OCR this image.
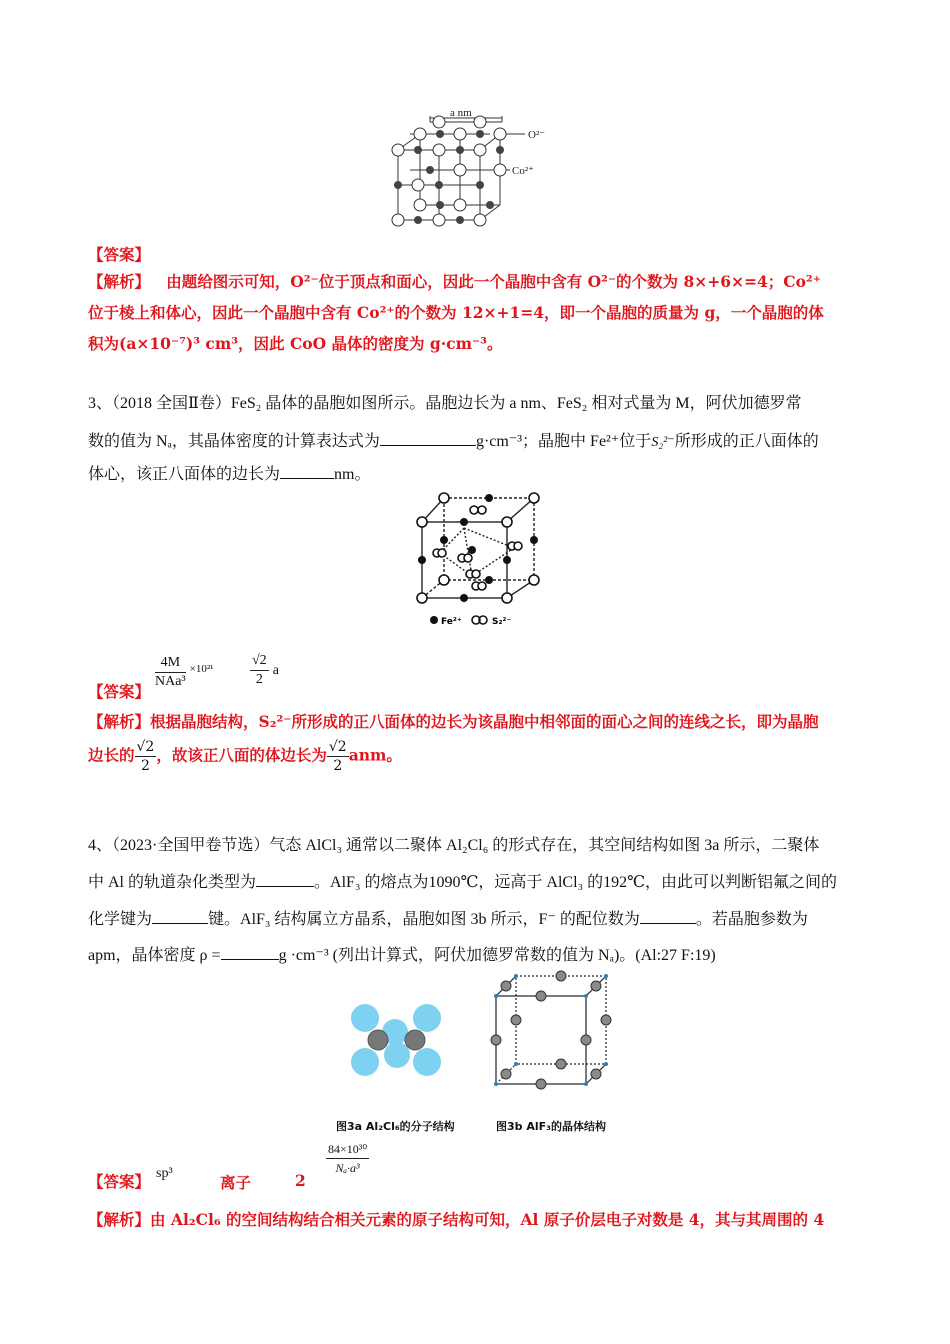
a nm
O²⁻
Co²⁺
【答案】
【解析】 由题给图示可知，O²⁻位于顶点和面心，因此一个晶胞中含有 O²⁻的个数为 8×+6×=4；Co²⁺
位于棱上和体心，因此一个晶胞中含有 Co²⁺的个数为 12×+1=4，即一个晶胞的质量为 g，一个晶胞的体
积为(a×10⁻⁷)³ cm³，因此 CoO 晶体的密度为 g·cm⁻³。
3、（2018 全国Ⅱ卷）FeS₂ 晶体的晶胞如图所示。晶胞边长为 a nm、FeS₂ 相对式量为 M，阿伏加德罗常
数的值为 Nₐ，其晶体密度的计算表达式为	g·cm⁻³；晶胞中 Fe²⁺位于S₂²⁻所形成的正八面体的
体心，该正八面体的边长为	nm。
Fe²⁺	S₂²⁻
【答案】
$\frac{4M}{\text{NAa³}} ^{\times 10^{21}}$	$\frac{√2}{2}$ a
【解析】根据晶胞结构，S₂²⁻所形成的正八面体的边长为该晶胞中相邻面的面心之间的连线之长，即为晶胞
边长的 $\frac{√2}{2}$ ，故该正八面的体边长为 $\frac{√2}{2}$ anm。
4、（2023·全国甲卷节选）气态 AlCl₃ 通常以二聚体 Al₂Cl₆ 的形式存在，其空间结构如图 3a 所示，二聚体
中 Al 的轨道杂化类型为	。AlF₃ 的熔点为1090℃，远高于 AlCl₃ 的192℃，由此可以判断铝氟之间的
化学键为	键。AlF₃ 结构属立方晶系，晶胞如图 3b 所示，F⁻ 的配位数为	。若晶胞参数为
apm，晶体密度 ρ =	g ·cm⁻³ (列出计算式，阿伏加德罗常数的值为 Nₐ)。(Al:27 F:19)
图3a Al₂Cl₆的分子结构	图3b AlF₃的晶体结构
【答案】 sp³	离子	2
$\frac{\text{84×10³⁰}}{\text{Nₐ·a³}}$
【解析】由 Al₂Cl₆ 的空间结构结合相关元素的原子结构可知，Al 原子价层电子对数是 4，其与其周围的 4
